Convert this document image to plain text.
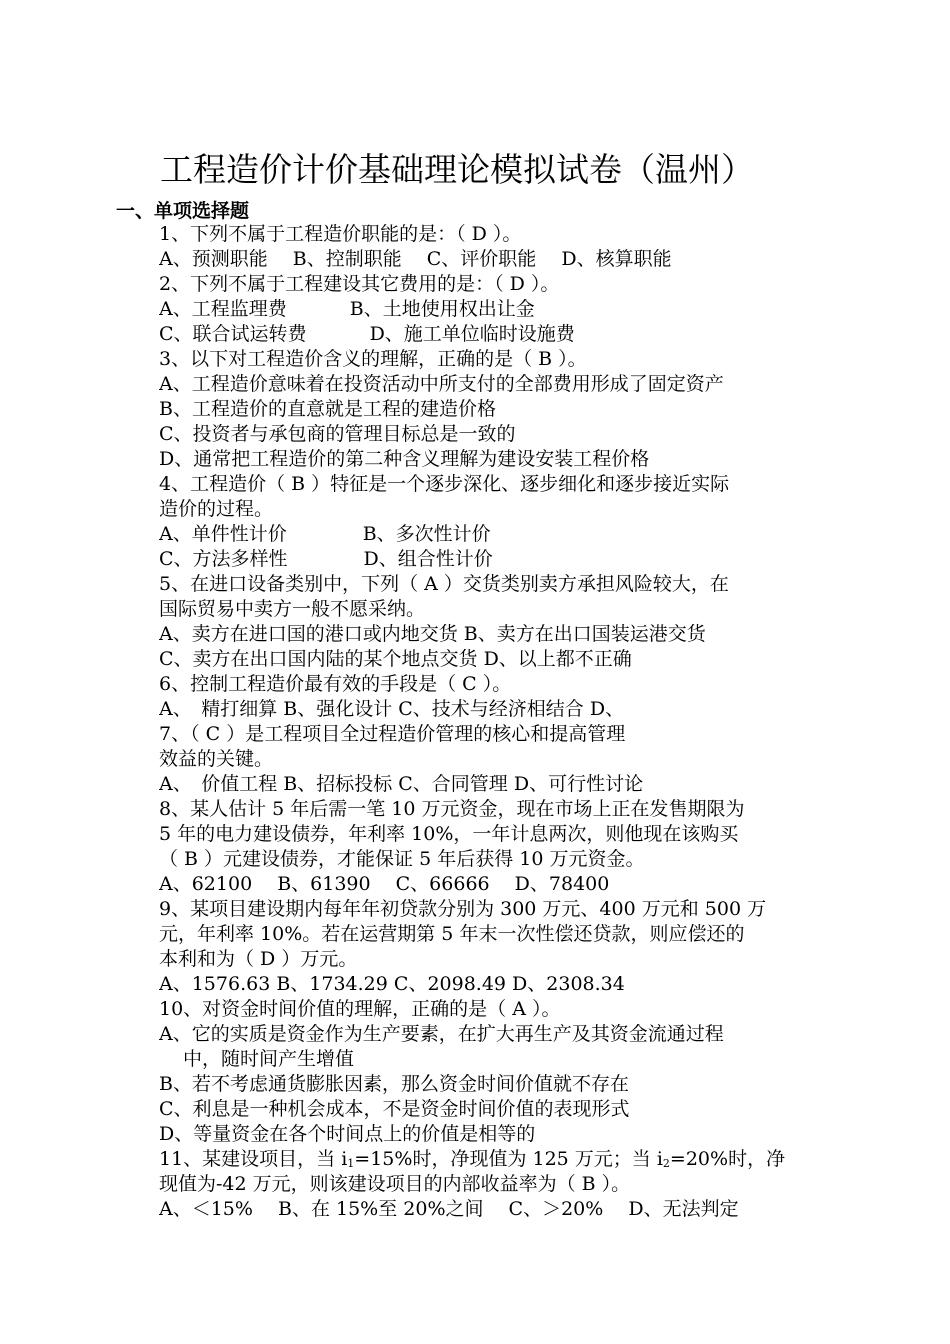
工程造价计价基础理论模拟试卷（温州）
一、单项选择题
1、下列不属于工程造价职能的是：（ D ）。
A、预测职能　 B、控制职能　 C、评价职能　 D、核算职能
2、下列不属于工程建设其它费用的是：（ D ）。
A、工程监理费　　　 B、土地使用权出让金
C、联合试运转费　　　 D、施工单位临时设施费
3、以下对工程造价含义的理解，正确的是（ B ）。
A、工程造价意味着在投资活动中所支付的全部费用形成了固定资产
B、工程造价的直意就是工程的建造价格
C、投资者与承包商的管理目标总是一致的
D、通常把工程造价的第二种含义理解为建设安装工程价格
4、工程造价（ B ）特征是一个逐步深化、逐步细化和逐步接近实际
造价的过程。
A、单件性计价　　　　B、多次性计价
C、方法多样性　　　　D、组合性计价
5、在进口设备类别中，下列（ A ）交货类别卖方承担风险较大，在
国际贸易中卖方一般不愿采纳。
A、卖方在进口国的港口或内地交货 B、卖方在出口国装运港交货
C、卖方在出口国内陆的某个地点交货 D、以上都不正确
6、控制工程造价最有效的手段是（ C ）。
A、　精打细算 B、强化设计 C、技术与经济相结合 D、
7、（ C ）是工程项目全过程造价管理的核心和提高管理
效益的关键。
A、　价值工程 B、招标投标 C、合同管理 D、可行性讨论
8、某人估计 5 年后需一笔 10 万元资金，现在市场上正在发售期限为
5 年的电力建设债券，年利率 10%，一年计息两次，则他现在该购买
（ B ）元建设债券，才能保证 5 年后获得 10 万元资金。
A、62100　 B、61390　 C、66666　 D、78400
9、某项目建设期内每年年初贷款分别为 300 万元、400 万元和 500 万
元，年利率 10%。若在运营期第 5 年末一次性偿还贷款，则应偿还的
本利和为（ D ）万元。
A、1576.63 B、1734.29 C、2098.49 D、2308.34
10、对资金时间价值的理解，正确的是（ A ）。
A、它的实质是资金作为生产要素，在扩大再生产及其资金流通过程
中，随时间产生增值
B、若不考虑通货膨胀因素，那么资金时间价值就不存在
C、利息是一种机会成本，不是资金时间价值的表现形式
D、等量资金在各个时间点上的价值是相等的
11、某建设项目，当 $i_1=15\%$时，净现值为 125 万元；当 $i_2=20\%$时，净
现值为-42 万元，则该建设项目的内部收益率为（ B ）。
A、＜15%　 B、在 15%至 20%之间　 C、＞20%　 D、无法判定
